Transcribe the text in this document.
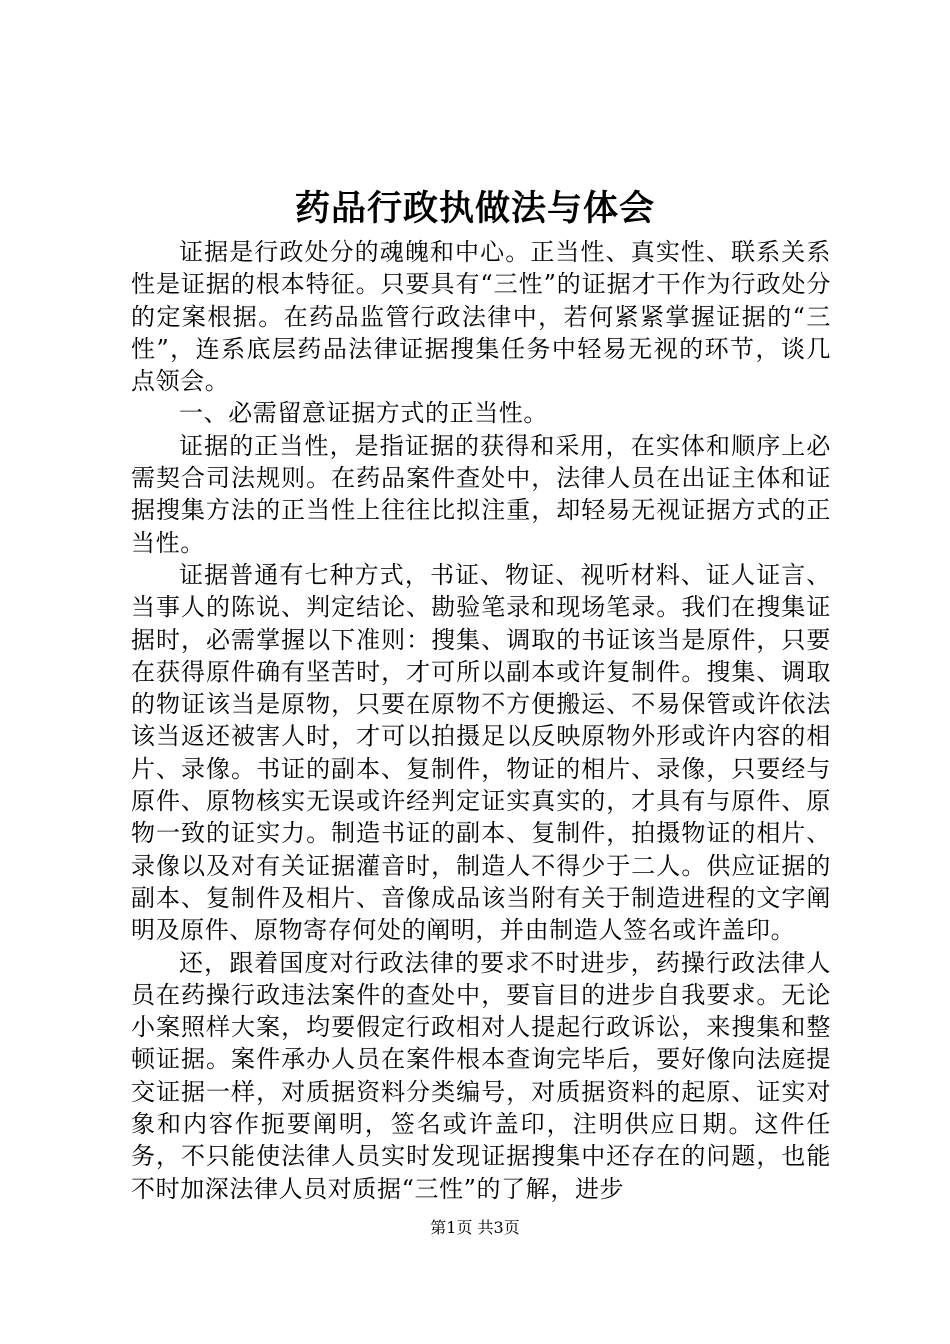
药品行政执做法与体会

证据是行政处分的魂魄和中心。正当性、真实性、联系关系性是证据的根本特征。只要具有“三性”的证据才干作为行政处分的定案根据。在药品监管行政法律中，若何紧紧掌握证据的“三性”，连系底层药品法律证据搜集任务中轻易无视的环节，谈几点领会。

一、必需留意证据方式的正当性。

证据的正当性，是指证据的获得和采用，在实体和顺序上必需契合司法规则。在药品案件查处中，法律人员在出证主体和证据搜集方法的正当性上往往比拟注重，却轻易无视证据方式的正当性。

证据普通有七种方式，书证、物证、视听材料、证人证言、当事人的陈说、判定结论、勘验笔录和现场笔录。我们在搜集证据时，必需掌握以下准则：搜集、调取的书证该当是原件，只要在获得原件确有坚苦时，才可所以副本或许复制件。搜集、调取的物证该当是原物，只要在原物不方便搬运、不易保管或许依法该当返还被害人时，才可以拍摄足以反映原物外形或许内容的相片、录像。书证的副本、复制件，物证的相片、录像，只要经与原件、原物核实无误或许经判定证实真实的，才具有与原件、原物一致的证实力。制造书证的副本、复制件，拍摄物证的相片、录像以及对有关证据灌音时，制造人不得少于二人。供应证据的副本、复制件及相片、音像成品该当附有关于制造进程的文字阐明及原件、原物寄存何处的阐明，并由制造人签名或许盖印。

还，跟着国度对行政法律的要求不时进步，药操行政法律人员在药操行政违法案件的查处中，要盲目的进步自我要求。无论小案照样大案，均要假定行政相对人提起行政诉讼，来搜集和整顿证据。案件承办人员在案件根本查询完毕后，要好像向法庭提交证据一样，对质据资料分类编号，对质据资料的起原、证实对象和内容作扼要阐明，签名或许盖印，注明供应日期。这件任务，不只能使法律人员实时发现证据搜集中还存在的问题，也能不时加深法律人员对质据“三性”的了解，进步

第1页 共3页
